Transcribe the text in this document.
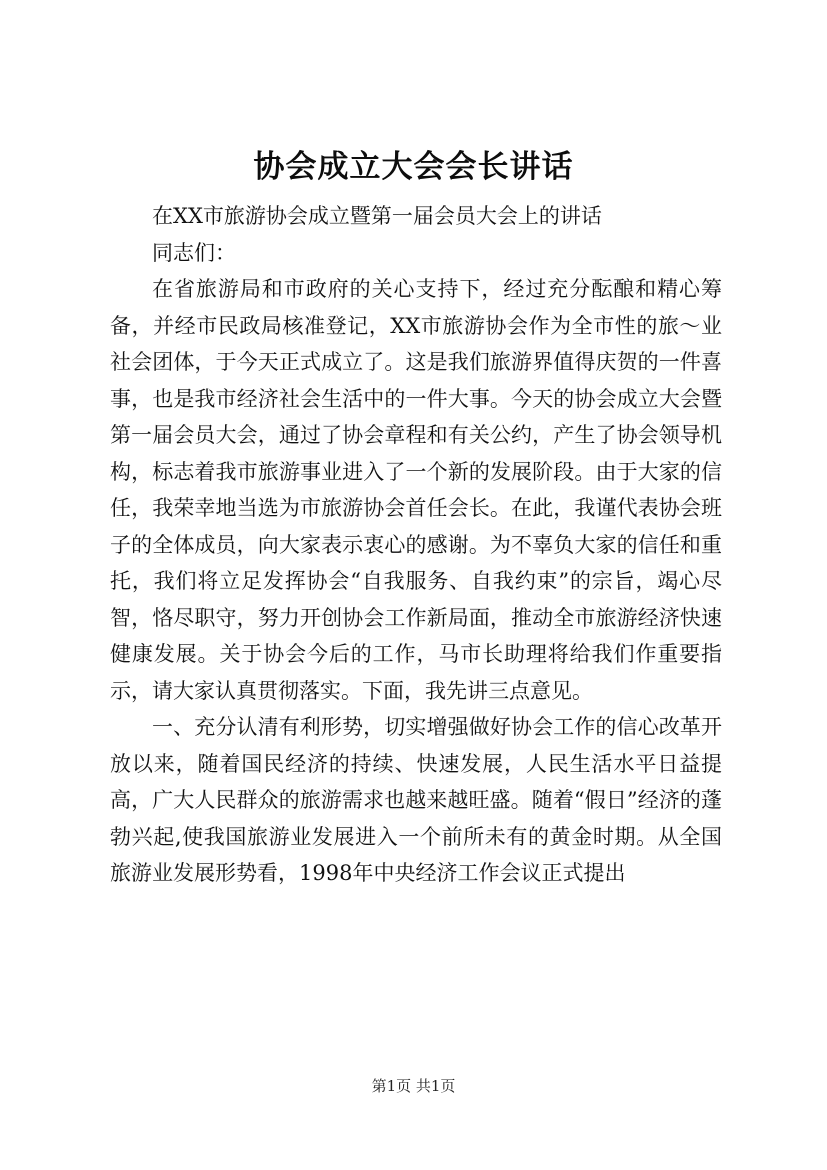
协会成立大会会长讲话

在XX市旅游协会成立暨第一届会员大会上的讲话

同志们：

在省旅游局和市政府的关心支持下，经过充分酝酿和精心筹备，并经市民政局核准登记，XX市旅游协会作为全市性的旅～业社会团体，于今天正式成立了。这是我们旅游界值得庆贺的一件喜事，也是我市经济社会生活中的一件大事。今天的协会成立大会暨第一届会员大会，通过了协会章程和有关公约，产生了协会领导机构，标志着我市旅游事业进入了一个新的发展阶段。由于大家的信任，我荣幸地当选为市旅游协会首任会长。在此，我谨代表协会班子的全体成员，向大家表示衷心的感谢。为不辜负大家的信任和重托，我们将立足发挥协会“自我服务、自我约束”的宗旨，竭心尽智，恪尽职守，努力开创协会工作新局面，推动全市旅游经济快速健康发展。关于协会今后的工作，马市长助理将给我们作重要指示，请大家认真贯彻落实。下面，我先讲三点意见。

一、充分认清有利形势，切实增强做好协会工作的信心改革开放以来，随着国民经济的持续、快速发展，人民生活水平日益提高，广大人民群众的旅游需求也越来越旺盛。随着“假日”经济的蓬勃兴起,使我国旅游业发展进入一个前所未有的黄金时期。从全国旅游业发展形势看，1998年中央经济工作会议正式提出

第1页 共1页
